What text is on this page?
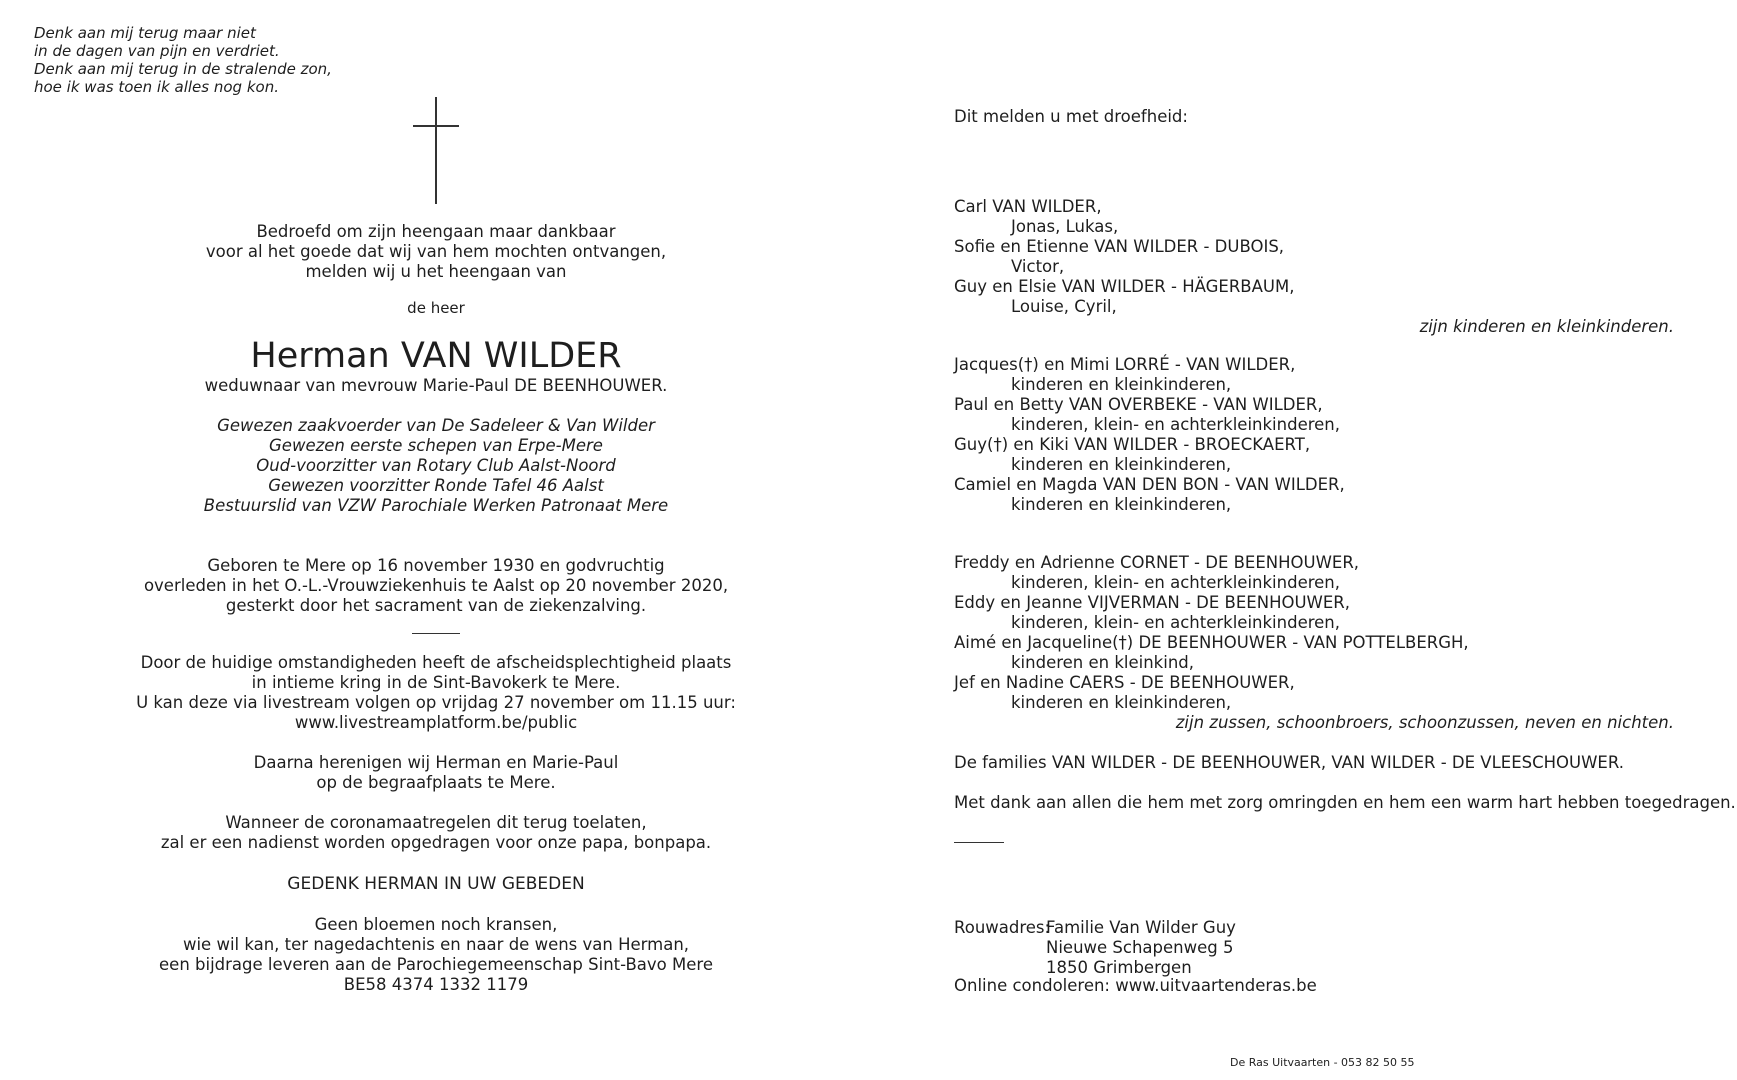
Denk aan mij terug maar niet
in de dagen van pijn en verdriet.
Denk aan mij terug in de stralende zon,
hoe ik was toen ik alles nog kon.
Bedroefd om zijn heengaan maar dankbaar
voor al het goede dat wij van hem mochten ontvangen,
melden wij u het heengaan van
de heer
Herman VAN WILDER
weduwnaar van mevrouw Marie-Paul DE BEENHOUWER.
Gewezen zaakvoerder van De Sadeleer & Van Wilder
Gewezen eerste schepen van Erpe-Mere
Oud-voorzitter van Rotary Club Aalst-Noord
Gewezen voorzitter Ronde Tafel 46 Aalst
Bestuurslid van VZW Parochiale Werken Patronaat Mere
Geboren te Mere op 16 november 1930 en godvruchtig
overleden in het O.-L.-Vrouwziekenhuis te Aalst op 20 november 2020,
gesterkt door het sacrament van de ziekenzalving.
Door de huidige omstandigheden heeft de afscheidsplechtigheid plaats
in intieme kring in de Sint-Bavokerk te Mere.
U kan deze via livestream volgen op vrijdag 27 november om 11.15 uur:
www.livestreamplatform.be/public
Daarna herenigen wij Herman en Marie-Paul
op de begraafplaats te Mere.
Wanneer de coronamaatregelen dit terug toelaten,
zal er een nadienst worden opgedragen voor onze papa, bonpapa.
GEDENK HERMAN IN UW GEBEDEN
Geen bloemen noch kransen,
wie wil kan, ter nagedachtenis en naar de wens van Herman,
een bijdrage leveren aan de Parochiegemeenschap Sint-Bavo Mere
BE58 4374 1332 1179
Dit melden u met droefheid:
Carl VAN WILDER,
Jonas, Lukas,
Sofie en Etienne VAN WILDER - DUBOIS,
Victor,
Guy en Elsie VAN WILDER - HÄGERBAUM,
Louise, Cyril,
zijn kinderen en kleinkinderen.
Jacques(†) en Mimi LORRÉ - VAN WILDER,
kinderen en kleinkinderen,
Paul en Betty VAN OVERBEKE - VAN WILDER,
kinderen, klein- en achterkleinkinderen,
Guy(†) en Kiki VAN WILDER - BROECKAERT,
kinderen en kleinkinderen,
Camiel en Magda VAN DEN BON - VAN WILDER,
kinderen en kleinkinderen,
Freddy en Adrienne CORNET - DE BEENHOUWER,
kinderen, klein- en achterkleinkinderen,
Eddy en Jeanne VIJVERMAN - DE BEENHOUWER,
kinderen, klein- en achterkleinkinderen,
Aimé en Jacqueline(†) DE BEENHOUWER - VAN POTTELBERGH,
kinderen en kleinkind,
Jef en Nadine CAERS - DE BEENHOUWER,
kinderen en kleinkinderen,
zijn zussen, schoonbroers, schoonzussen, neven en nichten.
De families VAN WILDER - DE BEENHOUWER, VAN WILDER - DE VLEESCHOUWER.
Met dank aan allen die hem met zorg omringden en hem een warm hart hebben toegedragen.
Rouwadres:
Familie Van Wilder Guy
Nieuwe Schapenweg 5
1850 Grimbergen
Online condoleren: www.uitvaartenderas.be
De Ras Uitvaarten - 053 82 50 55
